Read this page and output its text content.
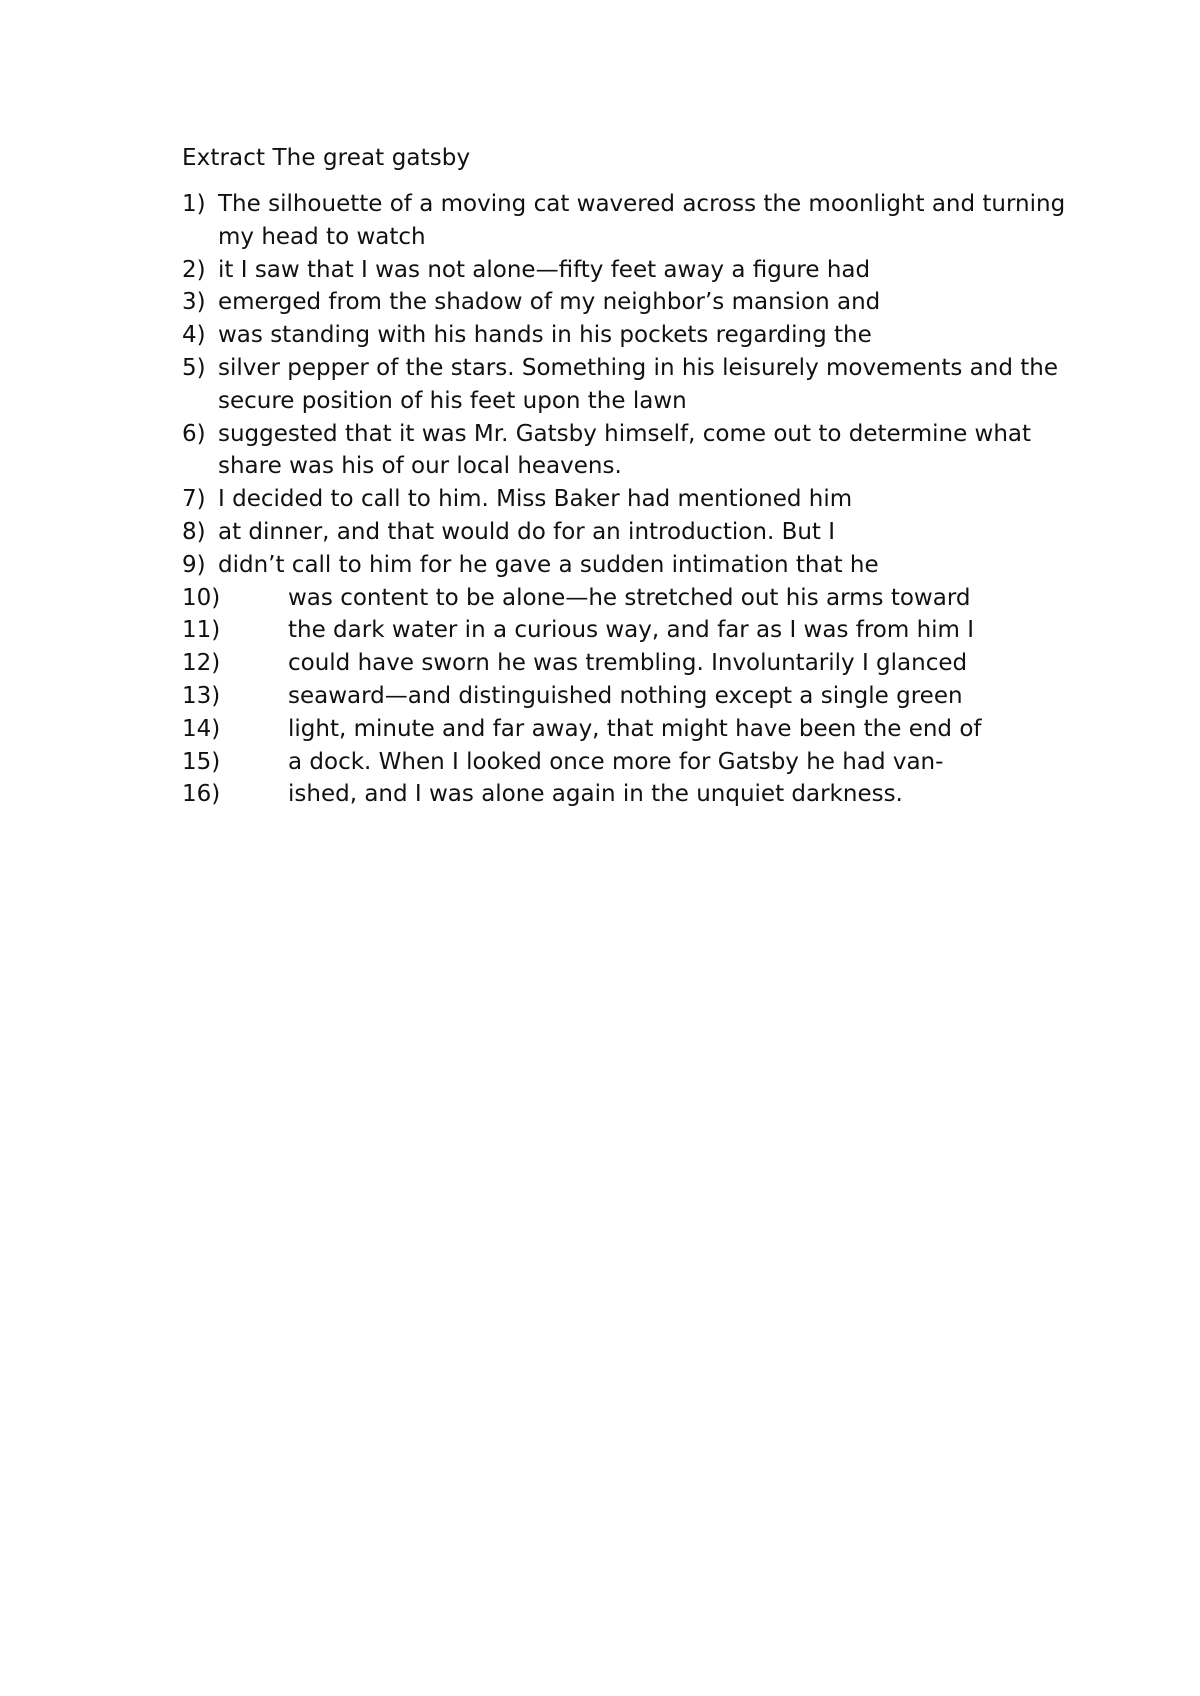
Extract The great gatsby
1) The silhouette of a moving cat wavered across the moonlight and turning my head to watch
2) it I saw that I was not alone—fifty feet away a figure had
3) emerged from the shadow of my neighbor’s mansion and
4) was standing with his hands in his pockets regarding the
5) silver pepper of the stars. Something in his leisurely movements and the secure position of his feet upon the lawn
6) suggested that it was Mr. Gatsby himself, come out to determine what share was his of our local heavens.
7) I decided to call to him. Miss Baker had mentioned him
8) at dinner, and that would do for an introduction. But I
9) didn’t call to him for he gave a sudden intimation that he
10)	was content to be alone—he stretched out his arms toward
11)	the dark water in a curious way, and far as I was from him I
12)	could have sworn he was trembling. Involuntarily I glanced
13)	seaward—and distinguished nothing except a single green
14)	light, minute and far away, that might have been the end of
15)	a dock. When I looked once more for Gatsby he had van-
16)	ished, and I was alone again in the unquiet darkness.
